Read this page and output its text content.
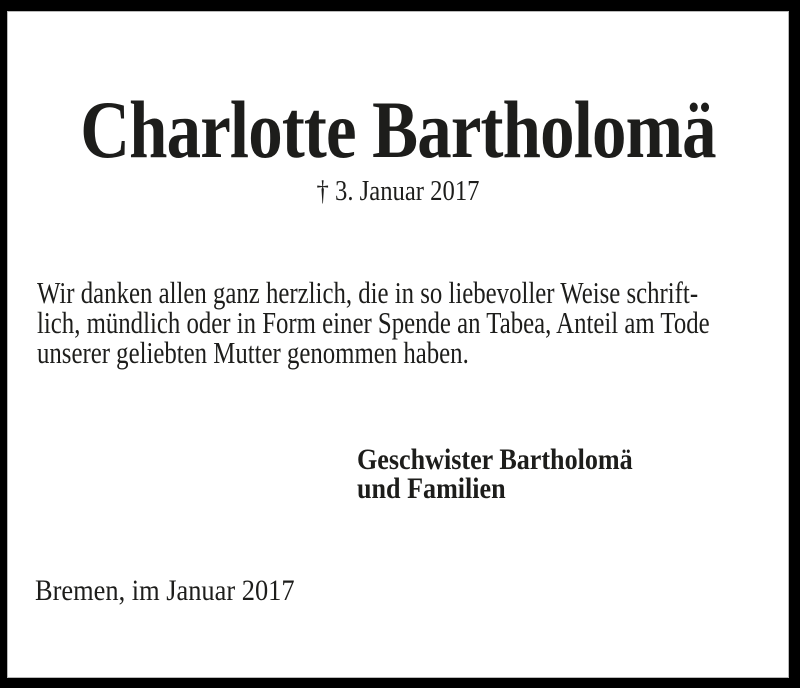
Charlotte Bartholomä
† 3. Januar 2017
Wir danken allen ganz herzlich, die in so liebevoller Weise schrift-
lich, mündlich oder in Form einer Spende an Tabea, Anteil am Tode
unserer geliebten Mutter genommen haben.
Geschwister Bartholomä
und Familien
Bremen, im Januar 2017
